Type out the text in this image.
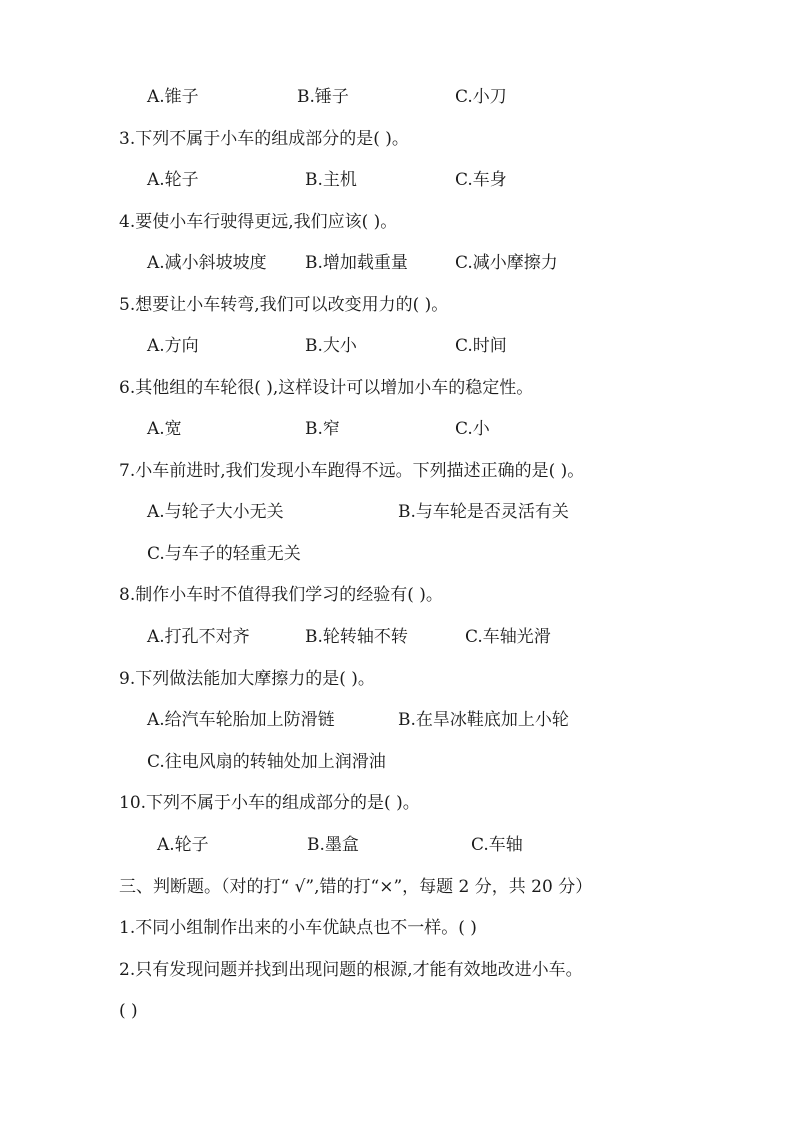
A.锥子	B.锤子	C.小刀
3.下列不属于小车的组成部分的是( )。
A.轮子	B.主机	C.车身
4.要使小车行驶得更远,我们应该( )。
A.减小斜坡坡度 B.增加载重量	C.减小摩擦力
5.想要让小车转弯,我们可以改变用力的( )。
A.方向	B.大小	C.时间
6.其他组的车轮很( ),这样设计可以增加小车的稳定性。
A.宽	B.窄	C.小
7.小车前进时,我们发现小车跑得不远。下列描述正确的是( )。
A.与轮子大小无关	B.与车轮是否灵活有关
C.与车子的轻重无关
8.制作小车时不值得我们学习的经验有( )。
A.打孔不对齐	B.轮转轴不转	C.车轴光滑
9.下列做法能加大摩擦力的是( )。
A.给汽车轮胎加上防滑链	B.在旱冰鞋底加上小轮
C.往电风扇的转轴处加上润滑油
10.下列不属于小车的组成部分的是( )。
A.轮子	B.墨盒	C.车轴
三、判断题。（对的打“ √”,错的打“×”，每题 2 分，共 20 分）
1.不同小组制作出来的小车优缺点也不一样。( )
2.只有发现问题并找到出现问题的根源,才能有效地改进小车。
( )
